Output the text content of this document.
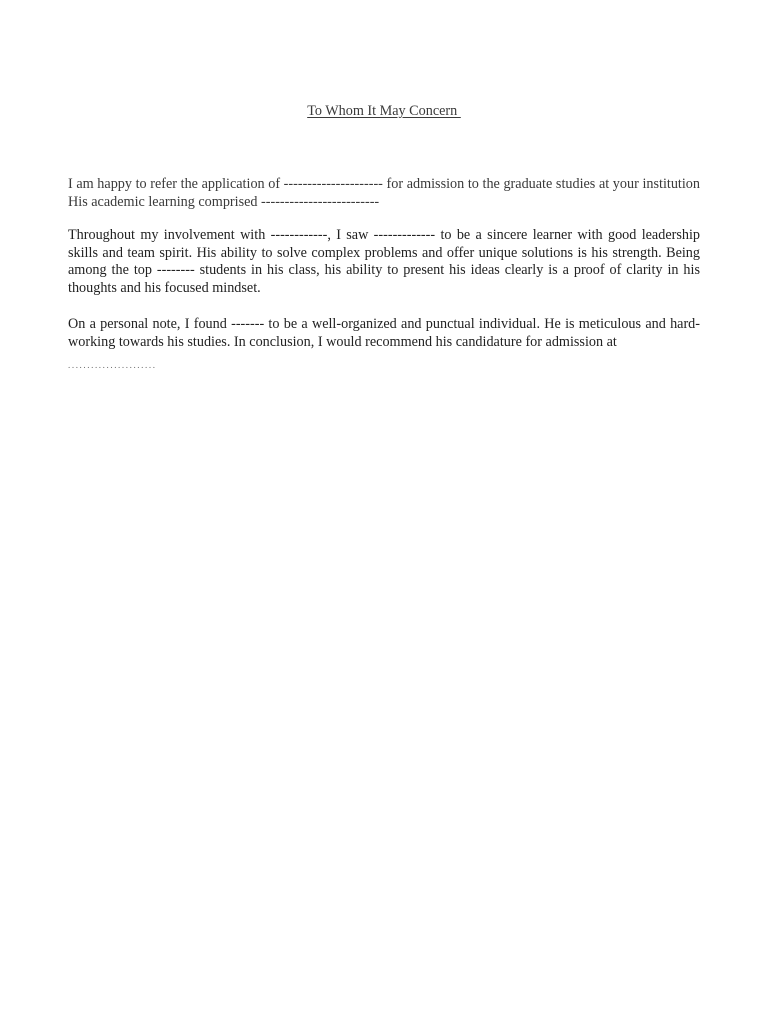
To Whom It May Concern

I am happy to refer the application of --------------------- for admission to the graduate studies at your institution His academic learning comprised -------------------------

Throughout my involvement with ------------, I saw ------------- to be a sincere learner with good leadership skills and team spirit. His ability to solve complex problems and offer unique solutions is his strength. Being among the top -------- students in his class, his ability to present his ideas clearly is a proof of clarity in his thoughts and his focused mindset.

On a personal note, I found ------- to be a well-organized and punctual individual. He is meticulous and hard-working towards his studies. In conclusion, I would recommend his candidature for admission at

.......................
